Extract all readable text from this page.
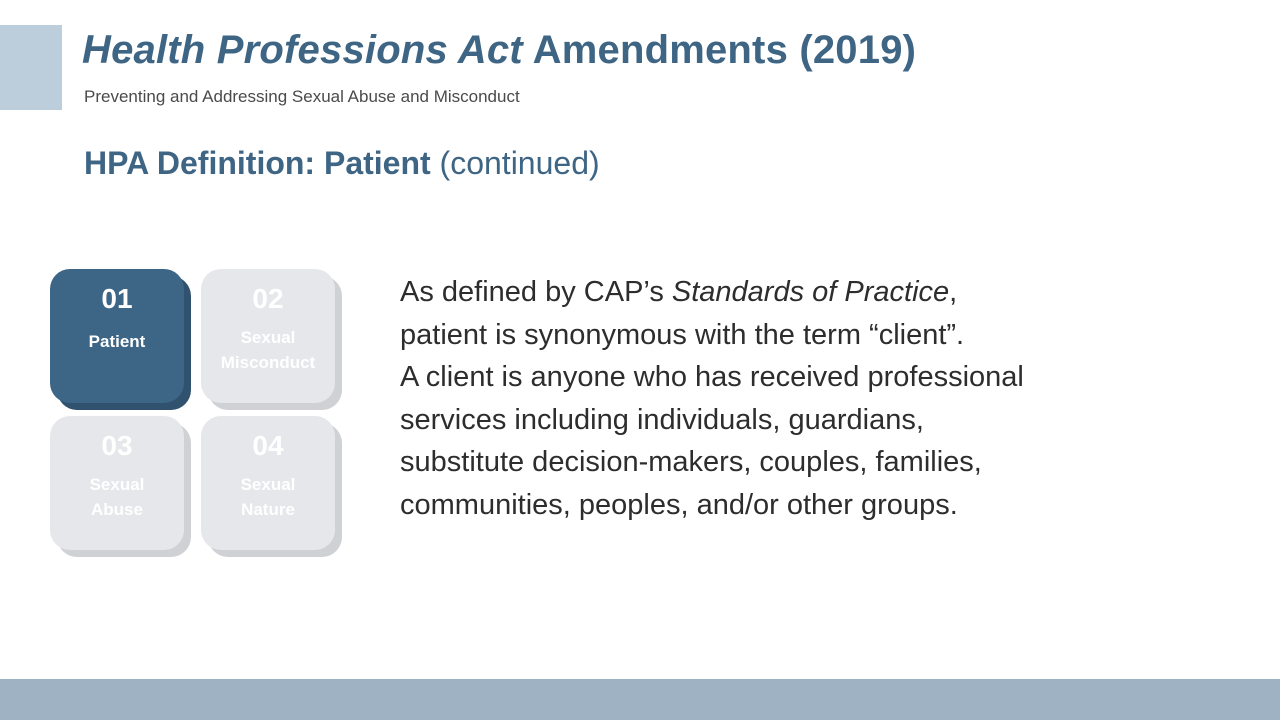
Health Professions Act Amendments (2019)
Preventing and Addressing Sexual Abuse and Misconduct
HPA Definition: Patient (continued)
01
Patient
02
Sexual
Misconduct
03
Sexual
Abuse
04
Sexual
Nature

As defined by CAP’s Standards of Practice,

patient is synonymous with the term “client”.

A client is anyone who has received professional

services including individuals, guardians,

substitute decision-makers, couples, families,

communities, peoples, and/or other groups.
